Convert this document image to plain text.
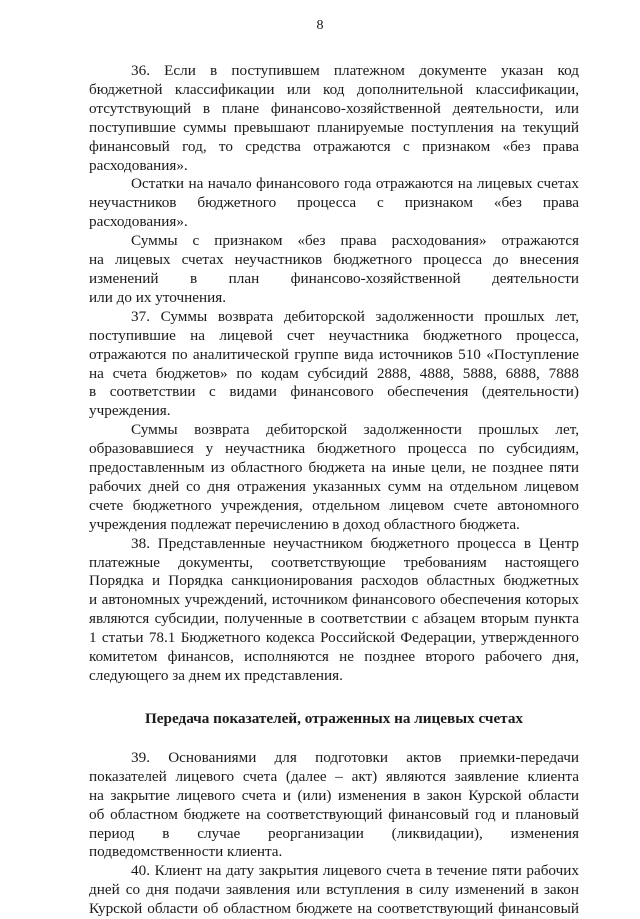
8

36. Если в поступившем платежном документе указан код
бюджетной классификации или код дополнительной классификации,
отсутствующий в плане финансово-хозяйственной деятельности, или
поступившие суммы превышают планируемые поступления на текущий
финансовый год, то средства отражаются с признаком «без права
расходования».

Остатки на начало финансового года отражаются на лицевых счетах
неучастников бюджетного процесса с признаком «без права
расходования».

Суммы с признаком «без права расходования» отражаются
на лицевых счетах неучастников бюджетного процесса до внесения
изменений в план финансово-хозяйственной деятельности
или до их уточнения.

37. Суммы возврата дебиторской задолженности прошлых лет,
поступившие на лицевой счет неучастника бюджетного процесса,
отражаются по аналитической группе вида источников 510 «Поступление
на счета бюджетов» по кодам субсидий 2888, 4888, 5888, 6888, 7888
в соответствии с видами финансового обеспечения (деятельности)
учреждения.

Суммы возврата дебиторской задолженности прошлых лет,
образовавшиеся у неучастника бюджетного процесса по субсидиям,
предоставленным из областного бюджета на иные цели, не позднее пяти
рабочих дней со дня отражения указанных сумм на отдельном лицевом
счете бюджетного учреждения, отдельном лицевом счете автономного
учреждения подлежат перечислению в доход областного бюджета.

38. Представленные неучастником бюджетного процесса в Центр
платежные документы, соответствующие требованиям настоящего
Порядка и Порядка санкционирования расходов областных бюджетных
и автономных учреждений, источником финансового обеспечения которых
являются субсидии, полученные в соответствии с абзацем вторым пункта
1 статьи 78.1 Бюджетного кодекса Российской Федерации, утвержденного
комитетом финансов, исполняются не позднее второго рабочего дня,
следующего за днем их представления.

Передача показателей, отраженных на лицевых счетах

39. Основаниями для подготовки актов приемки-передачи
показателей лицевого счета (далее – акт) являются заявление клиента
на закрытие лицевого счета и (или) изменения в закон Курской области
об областном бюджете на соответствующий финансовый год и плановый
период в случае реорганизации (ликвидации), изменения
подведомственности клиента.

40. Клиент на дату закрытия лицевого счета в течение пяти рабочих
дней со дня подачи заявления или вступления в силу изменений в закон
Курской области об областном бюджете на соответствующий финансовый
